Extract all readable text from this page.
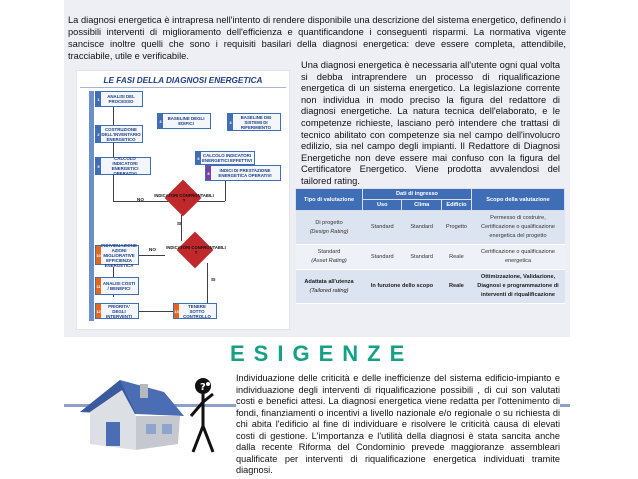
La diagnosi energetica è intrapresa nell'intento di rendere disponibile una descrizione del sistema energetico, definendo i possibili interventi di miglioramento dell'efficienza e quantificandone i conseguenti risparmi. La normativa vigente sancisce inoltre quelli che sono i requisiti basilari della diagnosi energetica: deve essere completa, attendibile, tracciabile, utile e verificabile.

LE FASI DELLA DIAGNOSI ENERGETICA
1	ANALISI DEL PROCESSO
2
COSTRUZIONE DELL'INVENTARIO ENERGETICO
3	BASELINE DEGLI EDIFICI	4
BASELINE DEI SISTEMI DI RIFERIMENTO
5
CALCOLO INDICATORI ENERGETICI OPERATIVI
6 CALCOLO INDICATORI ENERGETICI EFFETTIVI
INDICATORI CONFRONTABILI ?
NO
8	INDICI DI PRESTAZIONE ENERGETICA OPERATIVI
SI
10
INDIVIDUAZIONE AZIONI MIGLIORATIVE EFFICIENZA ENERGETICA
NO INDICATORI CONFRONTABILI ?
SI
11 ANALISI COSTI / BENEFICI
12
PRIORITA' DEGLI INTERVENTI
13
TENERE SOTTO CONTROLLO

Una diagnosi energetica è necessaria all'utente ogni qual volta si debba intraprendere un processo di riqualificazione energetica di un sistema energetico. La legislazione corrente non individua in modo preciso la figura del redattore di diagnosi energetiche. La natura tecnica dell'elaborato, e le competenze richieste, lasciano però intendere che trattasi di tecnico abilitato con competenze sia nel campo dell'involucro edilizio, sia nel campo degli impianti. Il Redattore di Diagnosi Energetiche non deve essere mai confuso con la figura del Certificatore Energetico. Viene prodotta avvalendosi del tailored rating.

Tipo di valutazione	Dati di ingresso			Scopo della valutazione
	Uso	Clima	Edificio	

Di progetto
(Design Rating)	Standard	Standard	Progetto	Permesso di costruire, Certificazione o qualificazione energetica del progetto

Standard
(Asset Rating)	Standard	Standard	Reale	Certificazione o qualificazione energetica

Adattata all'utenza
(Tailored rating)	In funzione dello scopo		Reale	Ottimizzazione, Validazione, Diagnosi e programmazione di interventi di riqualificazione
ESIGENZE
?

Individuazione delle criticità e delle inefficienze del sistema edificio-impianto e individuazione degli interventi di riqualificazione possibili , di cui son valutati costi e benefici attesi. La diagnosi energetica viene redatta per l'ottenimento di fondi, finanziamenti o incentivi a livello nazionale e/o regionale o su richiesta di chi abita l'edificio al fine di individuare e risolvere le criticità causa di elevati costi di gestione. L'importanza e l'utilità della diagnosi è stata sancita anche dalla recente Riforma del Condominio prevede maggioranze assembleari qualificate per interventi di riqualificazione energetica individuati tramite diagnosi.
